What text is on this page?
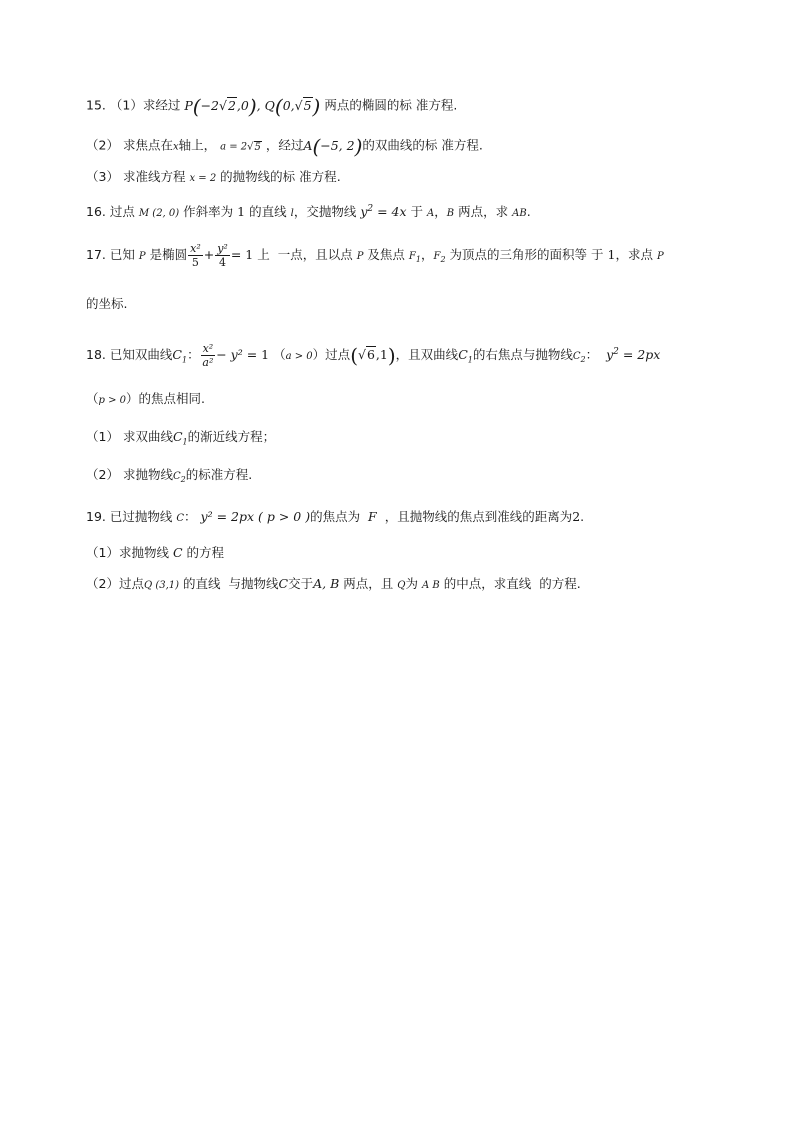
15. （1）求经过 P(−2√2,0), Q(0,√5) 两点的椭圆的标 准方程.
（2） 求焦点在x轴上， a = 2√5 ，经过A(−5, 2)的双曲线的标 准方程.
（3） 求准线方程 x = 2 的抛物线的标 准方程.
16. 过点 M (2, 0) 作斜率为 1 的直线 l，交抛物线 $y^2 = 4x$ 于 A，B 两点，求 AB.
17. 已知 P 是椭圆 $\frac{\text{x²}}{5} + \frac{\text{y²}}{4} = 1$ 上 一点，且以点 P 及焦点 $F_1$，$F_2$ 为顶点的三角形的面积等 于 1，求点 P
的坐标.
18. 已知双曲线$C_1$： $\frac{\text{x²}}{\text{a²}} - y^2 = 1$ （a > 0）过点(√6,1)，且双曲线$C_1$的右焦点与抛物线$C_2$： $y^2 = 2px$
（p > 0）的焦点相同.
（1） 求双曲线$C_1$的渐近线方程；
（2） 求抛物线$C_2$的标准方程.
19. 已过抛物线 C： y² = 2px ( p > 0 )的焦点为 F ，且抛物线的焦点到准线的距离为2.
（1）求抛物线 C 的方程
（2）过点Q (3,1) 的直线 与抛物线C交于A, B 两点，且 Q为 A B 的中点，求直线 的方程.
